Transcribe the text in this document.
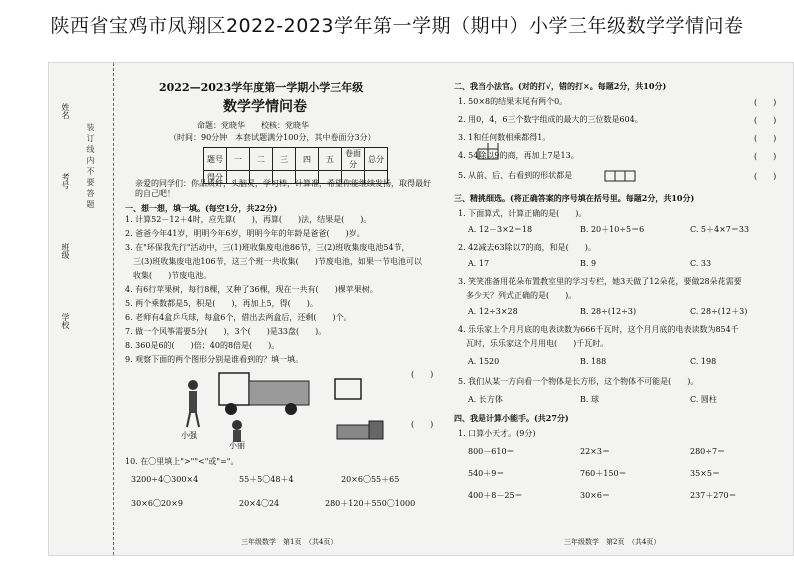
陕西省宝鸡市凤翔区2022-2023学年第一学期（期中）小学三年级数学学情问卷
姓名
考号
班级
学校
装订线内不要答题
2022—2023学年度第一学期小学三年级
数学学情问卷
命题：党晓华　　校核：党晓华
（时间：90分钟　本套试题满分100分，其中卷面分3分）
题号	一	二	三	四	五	卷面分	总分
得分							
亲爱的同学们：你品质好，头脑灵，学习棒，计算准，希望你能继续发扬，取得最好的自己吧！
一、想一想，填一填。(每空1分，共22分)
1. 计算52－12＋4时，应先算(　　)，再算(　　)法，结果是(　　)。
2. 爸爸今年41岁，明明今年6岁，明明今年的年龄是爸爸(　　)岁。
3. 在"环保我先行"活动中，三(1)班收集废电池86节，三(2)班收集废电池54节，
　三(3)班收集废电池106节，这三个班一共收集(　　)节废电池，如果一节电池可以
　收集(　　)节废电池。
4. 有6行苹果树，每行8棵，又种了36棵，现在一共有(　　)棵苹果树。
5. 两个乘数都是5，积是(　　)，再加上5，得(　　)。
6. 老师有4盒乒乓球，每盒6个，借出去两盒后，还剩(　　)个。
7. 做一个风筝需要5分(　　)，3个(　　)是33盘(　　)。
8. 360是6的(　　)倍；40的8倍是(　　)。
9. 观察下面的两个图形分别是谁看到的？填一填。
(　　)
(　　)
小强
小丽
10. 在〇里填上">""<"或"="。
3200÷4〇300×4	55＋5〇48＋4	20×6〇55＋65
30×6〇20×9	20×4〇24	280＋120＋550〇1000
三年级数学　第1页　（共4页）
二、我当小法官。(对的打√，错的打×。每题2分，共10分)
1. 50×8的结果末尾有两个0。
2. 用0，4，6三个数字组成的最大的三位数是604。
3. 1和任何数相乘都得1。
4. 54除以9的商，再加上7是13。
5. 从前、后、右看到的形状都是
(　　)
(　　)
(　　)
(　　)
(　　)
三、精挑细选。(将正确答案的序号填在括号里。每题2分，共10分)
1. 下面算式，计算正确的是(　　)。
A. 12－3×2＝18	B. 20＋10÷5＝6	C. 5＋4×7＝33
2. 42减去63除以7的商，和是(　　)。
A. 17	B. 9	C. 33
3. 笑笑准备用花朵布置教室里的学习专栏，她3天做了12朵花，要做28朵花需要
　多少天？列式正确的是(　　)。
A. 12÷3×28	B. 28÷(12÷3)	C. 28÷(12＋3)
4. 乐乐家上个月月底的电表读数为666千瓦时，这个月月底的电表读数为854千
　瓦时，乐乐家这个月用电(　　)千瓦时。
A. 1520	B. 188	C. 198
5. 我们从某一方向看一个物体是长方形，这个物体不可能是(　　)。
A. 长方体	B. 球	C. 圆柱
四、我是计算小能手。(共27分)
1. 口算小天才。(9分)
800－610＝	22×3＝	280÷7＝
540＋9＝	760＋150＝	35×5＝
400＋8－25＝	30×6＝	237＋270＝
三年级数学　第2页　（共4页）
